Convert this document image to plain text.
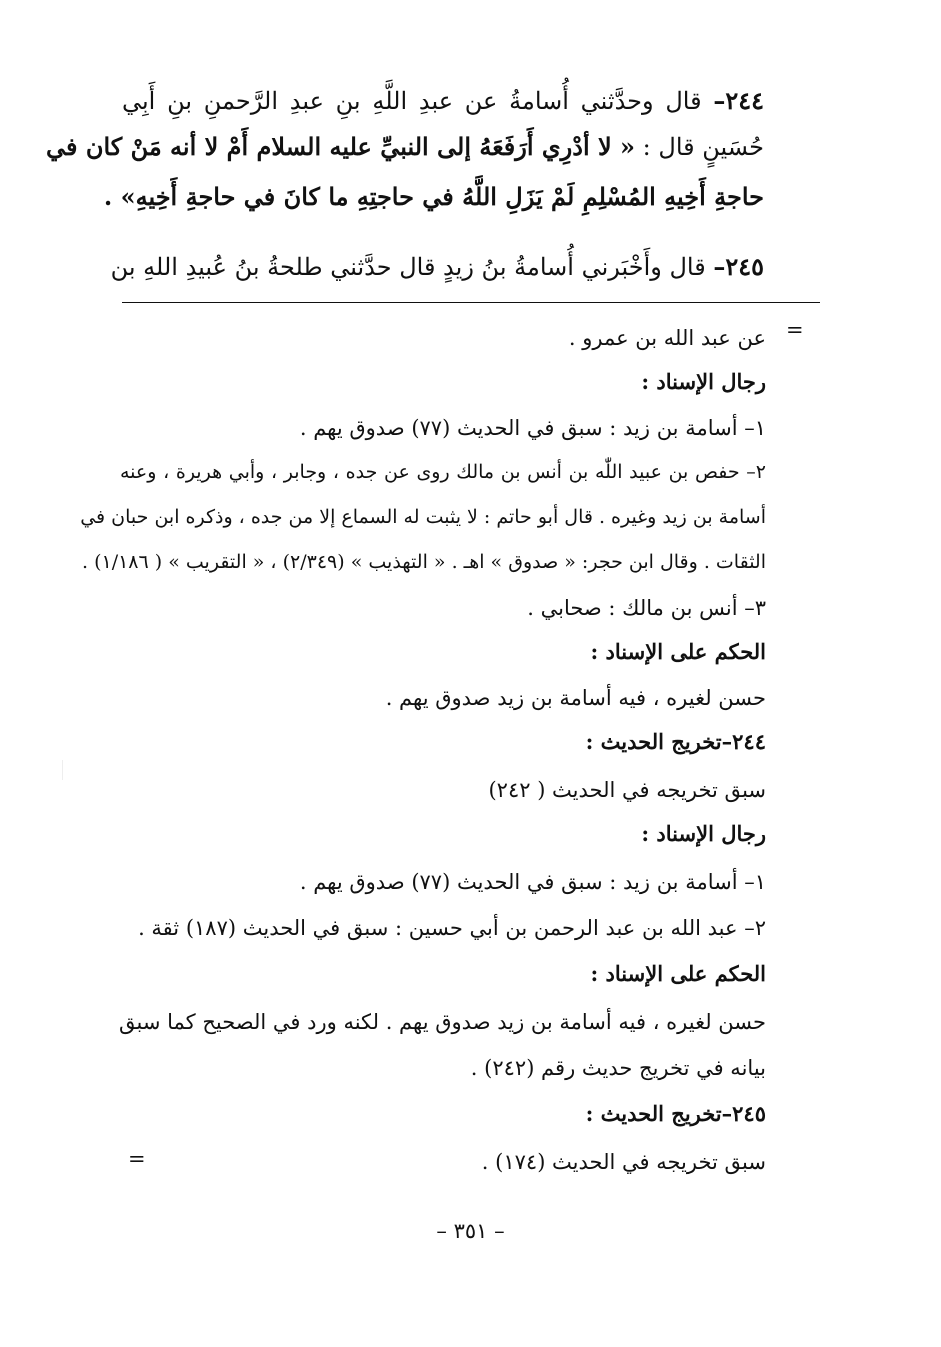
٢٤٤– قال وحدَّثني أُسامةُ عن عبدِ اللَّهِ بنِ عبدِ الرَّحمنِ بنِ أَبِي
حُسَينٍ قال : « لا أدْرِي أَرَفَعَهُ إلى النبيِّ عليه السلام أَمْ لا أنه مَنْ كان في
حاجةِ أَخِيهِ المُسْلِمِ لَمْ يَزَلِ اللَّهُ في حاجتِهِ ما كانَ في حاجةِ أَخِيهِ» .
٢٤٥– قال وأَخْبَرني أُسامةُ بنُ زيدٍ قال حدَّثني طلحةُ بنُ عُبيدِ اللهِ بن
=
عن عبد الله بن عمرو .
رجال الإسناد :
١– أسامة بن زيد : سبق في الحديث (٧٧) صدوق يهم .
٢– حفص بن عبيد اللّٰه بن أنس بن مالك روى عن جده ، وجابر ، وأبي هريرة ، وعنه
أسامة بن زيد وغيره . قال أبو حاتم : لا يثبت له السماع إلا من جده ، وذكره ابن حبان في
الثقات . وقال ابن حجر: « صدوق » اهـ . « التهذيب » (٢/٣٤٩) ، « التقريب » ( ١/١٨٦) .
٣– أنس بن مالك : صحابي .
الحكم على الإسناد :
حسن لغيره ، فيه أسامة بن زيد صدوق يهم .
٢٤٤–تخريج الحديث :
سبق تخريجه في الحديث ( ٢٤٢)
رجال الإسناد :
١– أسامة بن زيد : سبق في الحديث (٧٧) صدوق يهم .
٢– عبد الله بن عبد الرحمن بن أبي حسين : سبق في الحديث (١٨٧) ثقة .
الحكم على الإسناد :
حسن لغيره ، فيه أسامة بن زيد صدوق يهم . لكنه ورد في الصحيح كما سبق
بيانه في تخريج حديث رقم (٢٤٢) .
٢٤٥–تخريج الحديث :
سبق تخريجه في الحديث (١٧٤) .
=
– ٣٥١ –
